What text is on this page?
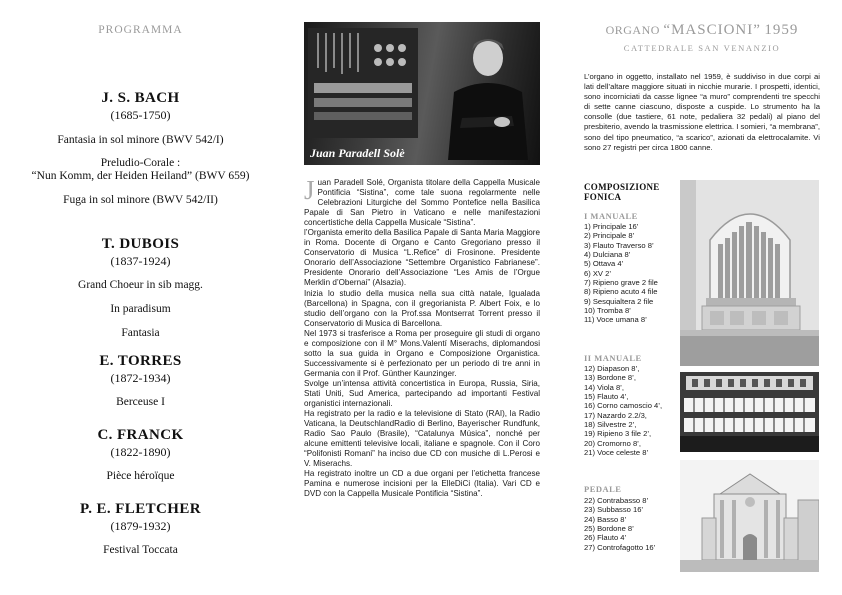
PROGRAMMA
J. S. BACH
(1685-1750)
Fantasia in sol minore (BWV 542/I)
Preludio-Corale :
“Nun Komm, der Heiden Heiland” (BWV 659)
Fuga in sol minore (BWV 542/II)
T. DUBOIS
(1837-1924)
Grand Choeur in sib magg.
In paradisum
Fantasia
E. TORRES
(1872-1934)
Berceuse I
C. FRANCK
(1822-1890)
Pièce héroïque
P. E. FLETCHER
(1879-1932)
Festival Toccata
Juan Paradell Solè
J uan Paradell Solé, Organista titolare della Cappella Musicale Pontificia “Sistina”, come tale suona regolarmente nelle Celebrazioni Liturgiche del Sommo Pontefice nella Basilica Papale di San Pietro in Vaticano e nelle manifestazioni concertistiche della Cappella Musicale “Sistina”.

l’Organista emerito della Basilica Papale di Santa Maria Maggiore in Roma. Docente di Organo e Canto Gregoriano presso il Conservatorio di Musica “L.Refice” di Frosinone. Presidente Onorario dell’Associazione “Settembre Organistico Fabrianese”. Presidente Onorario dell’Associazione “Les Amis de l’Orgue Merklin d’Obernai” (Alsazia).

Inizia lo studio della musica nella sua città natale, Igualada (Barcellona) in Spagna, con il gregorianista P. Albert Foix, e lo studio dell’organo con la Prof.ssa Montserrat Torrent presso il Conservatorio di Musica di Barcellona.

Nel 1973 si trasferisce a Roma per proseguire gli studi di organo e composizione con il M° Mons.Valentí Miserachs, diplomandosi sotto la sua guida in Organo e Composizione Organistica. Successivamente si è perfezionato per un periodo di tre anni in Germania con il Prof. Günther Kaunzinger.

Svolge un’intensa attività concertistica in Europa, Russia, Siria, Stati Uniti, Sud America, partecipando ad importanti Festival organistici internazionali.

Ha registrato per la radio e la televisione di Stato (RAI), la Radio Vaticana, la DeutschlandRadio di Berlino, Bayerischer Rundfunk, Radio Sao Paulo (Brasile), “Catalunya Música”, nonché per alcune emittenti televisive locali, italiane e spagnole. Con il Coro “Polifonisti Romani” ha inciso due CD con musiche di L.Perosi e V. Miserachs.

Ha registrato inoltre un CD a due organi per l’etichetta francese Pamina e numerose incisioni per la ElleDiCi (Italia). Vari CD e DVD con la Cappella Musicale Pontificia “Sistina”.

ORGANO “MASCIONI” 1959
CATTEDRALE SAN VENANZIO
L’organo in oggetto, installato nel 1959, è suddiviso in due corpi ai lati dell’altare maggiore situati in nicchie murarie. I prospetti, identici, sono incorniciati da casse lignee “a muro” comprendenti tre specchi di sette canne ciascuno, disposte a cuspide. Lo strumento ha la consolle (due tastiere, 61 note, pedaliera 32 pedali) al piano del presbiterio, avendo la trasmissione elettrica. I somieri, “a membrana”, sono del tipo pneumatico, “a scarico”, azionati da elettrocalamite. Vi sono 27 registri per circa 1800 canne.
COMPOSIZIONE
FONICA
I MANUALE
1) Principale 16’
2) Principale 8’
3) Flauto Traverso 8’
4) Dulciana 8’
5) Ottava 4’
6) XV 2’
7) Ripieno grave 2 file
8) Ripieno acuto 4 file
9) Sesquialtera 2 file
10) Tromba 8’
11) Voce umana 8’
II MANUALE
12) Diapason 8’,
13) Bordone 8’,
14) Viola 8’,
15) Flauto 4’,
16) Corno camoscio 4’,
17) Nazardo 2.2/3,
18) Silvestre 2’,
19) Ripieno 3 file 2’,
20) Cromorno 8’,
21) Voce celeste 8’
PEDALE
22) Contrabasso 8’
23) Subbasso 16’
24) Basso 8’
25) Bordone 8’
26) Flauto 4’
27) Controfagotto 16’
